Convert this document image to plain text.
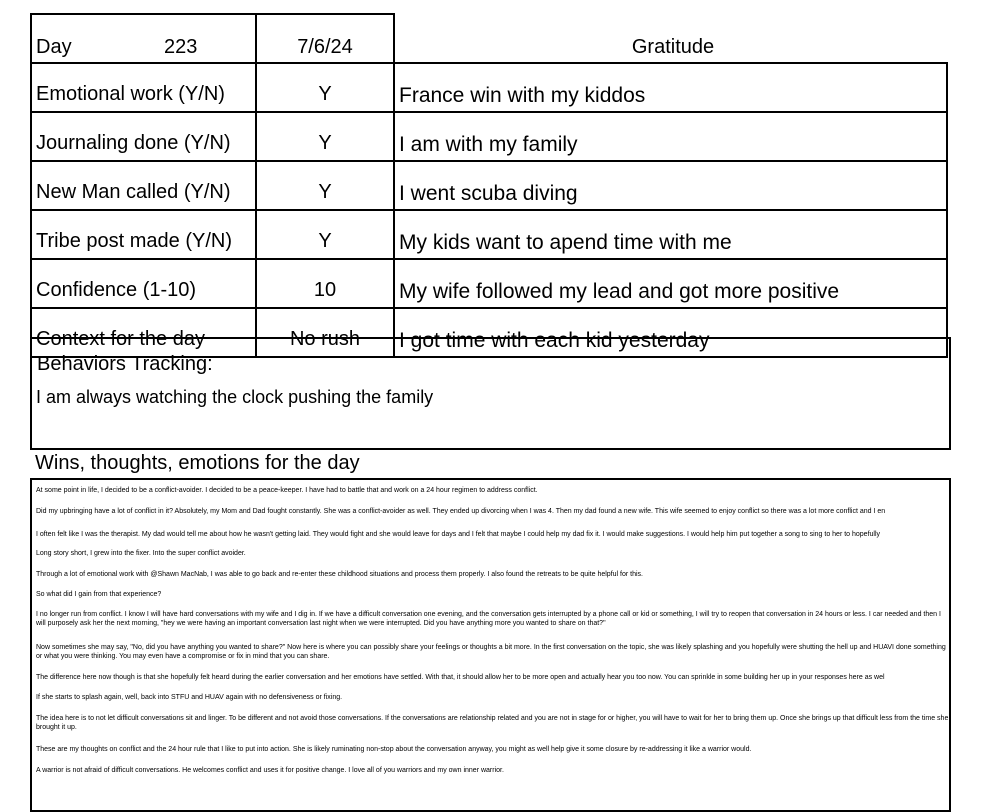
Day 223	7/6/24	Gratitude
Emotional work (Y/N)	Y	France win with my kiddos
Journaling done (Y/N)	Y	I am with my family
New Man called (Y/N)	Y	I went scuba diving
Tribe post made (Y/N)	Y	My kids want to apend time with me
Confidence (1-10)	10	My wife followed my lead and got more positive
Context for the day	No rush	I got time with each kid yesterday
Behaviors Tracking:
I am always watching the clock pushing the family
Wins, thoughts, emotions for the day
At some point in life, I decided to be a conflict-avoider. I decided to be a peace-keeper. I have had to battle that and work on a 24 hour regimen to address conflict.
Did my upbringing have a lot of conflict in it? Absolutely, my Mom and Dad fought constantly. She was a conflict-avoider as well. They ended up divorcing when I was 4. Then my dad found a new wife. This wife seemed to enjoy conflict so there was a lot more conflict and I en
I often felt like I was the therapist. My dad would tell me about how he wasn't getting laid. They would fight and she would leave for days and I felt that maybe I could help my dad fix it. I would make suggestions. I would help him put together a song to sing to her to hopefully
Long story short, I grew into the fixer. Into the super conflict avoider.
Through a lot of emotional work with @Shawn MacNab, I was able to go back and re-enter these childhood situations and process them properly. I also found the retreats to be quite helpful for this.
So what did I gain from that experience?
I no longer run from conflict. I know I will have hard conversations with my wife and I dig in. If we have a difficult conversation one evening, and the conversation gets interrupted by a phone call or kid or something, I will try to reopen that conversation in 24 hours or less. I car needed and then I will purposely ask her the next morning, "hey we were having an important conversation last night when we were interrupted. Did you have anything more you wanted to share on that?"
Now sometimes she may say, "No, did you have anything you wanted to share?" Now here is where you can possibly share your feelings or thoughts a bit more. In the first conversation on the topic, she was likely splashing and you hopefully were shutting the hell up and HUAVI done something or what you were thinking. You may even have a compromise or fix in mind that you can share.
The difference here now though is that she hopefully felt heard during the earlier conversation and her emotions have settled. With that, it should allow her to be more open and actually hear you too now. You can sprinkle in some building her up in your responses here as wel
If she starts to splash again, well, back into STFU and HUAV again with no defensiveness or fixing.
The idea here is to not let difficult conversations sit and linger. To be different and not avoid those conversations. If the conversations are relationship related and you are not in stage for or higher, you will have to wait for her to bring them up. Once she brings up that difficult less from the time she brought it up.
These are my thoughts on conflict and the 24 hour rule that I like to put into action. She is likely ruminating non-stop about the conversation anyway, you might as well help give it some closure by re-addressing it like a warrior would.
A warrior is not afraid of difficult conversations. He welcomes conflict and uses it for positive change. I love all of you warriors and my own inner warrior.
